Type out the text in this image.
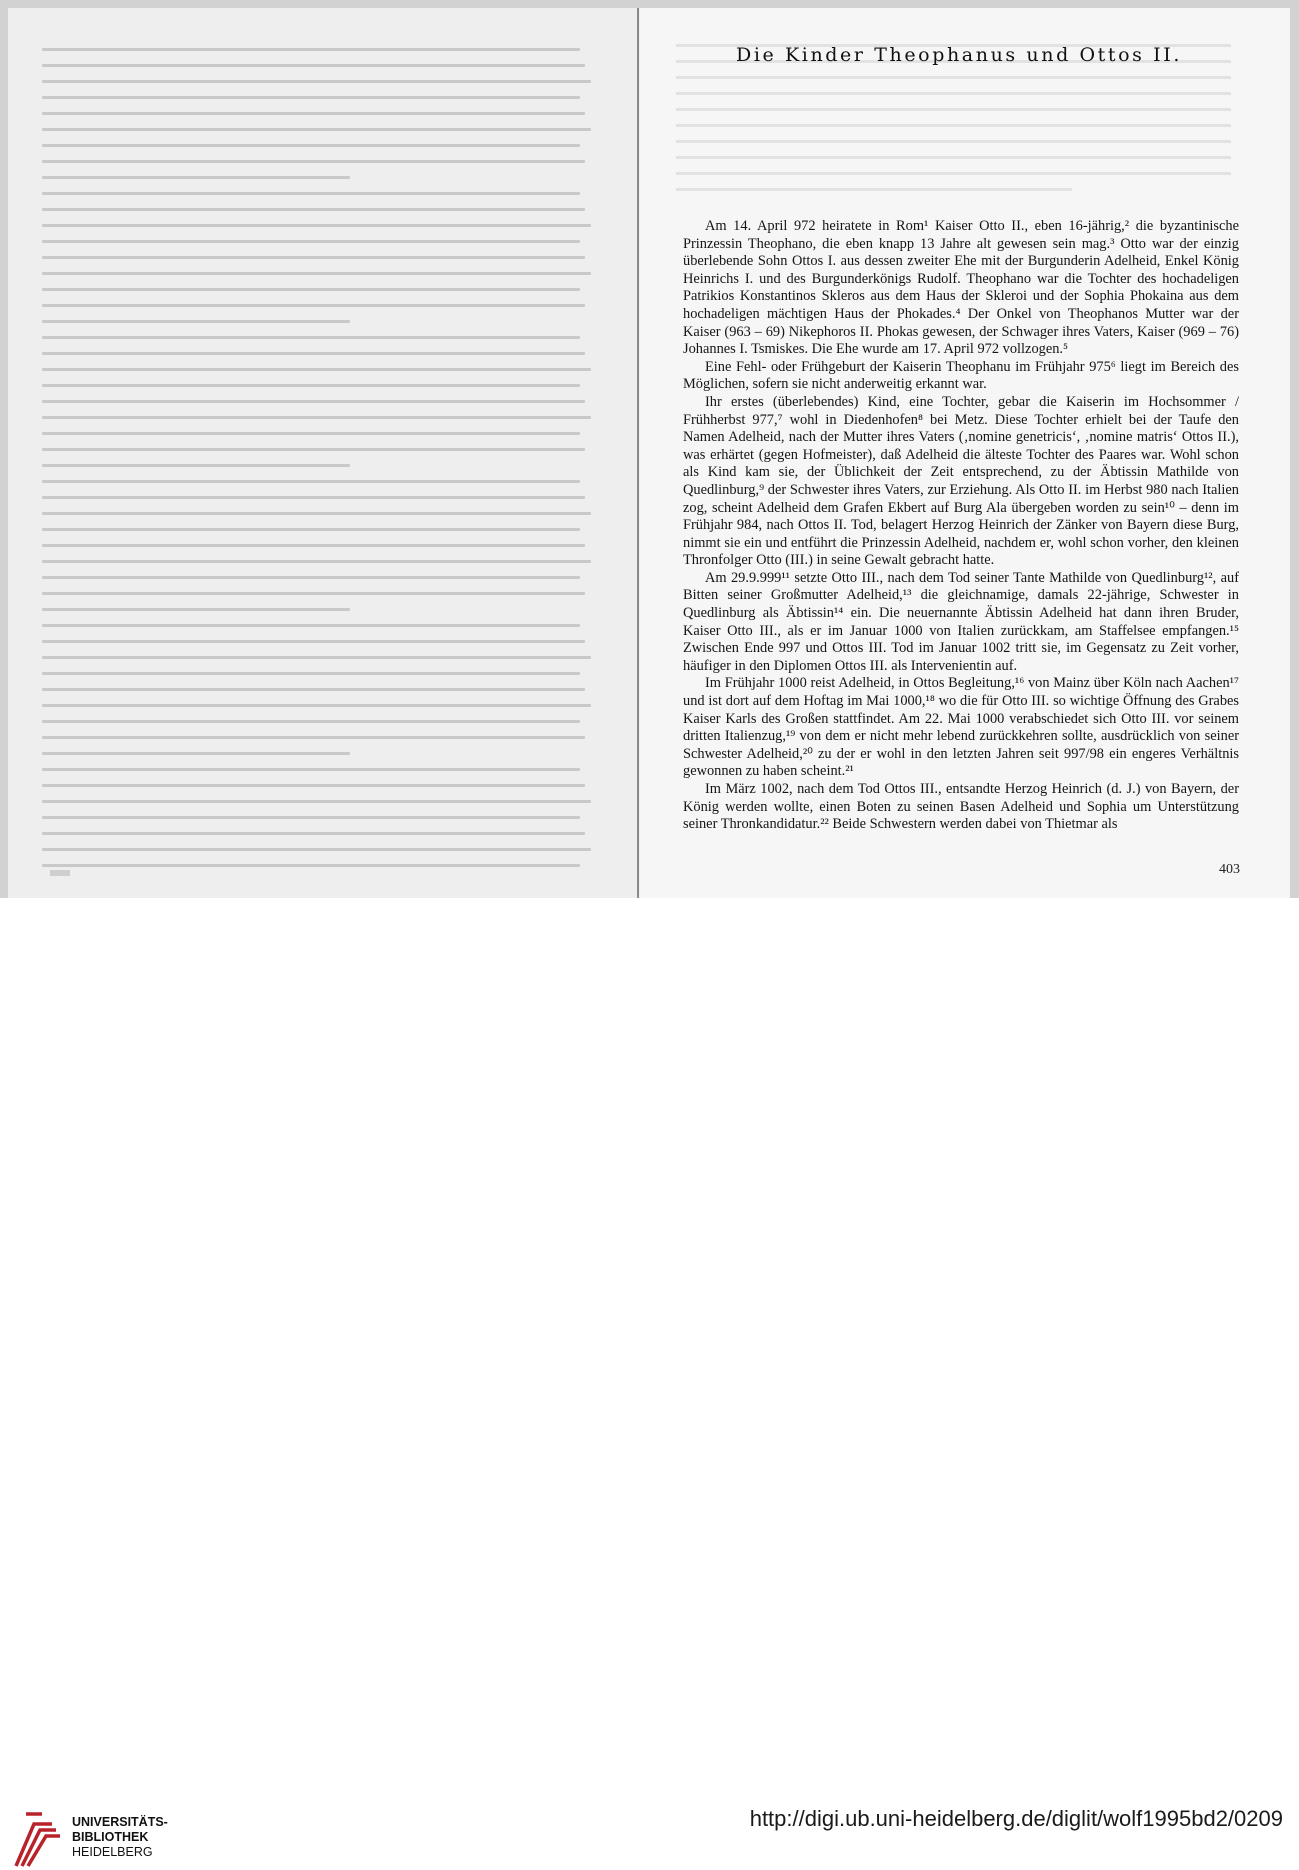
Die Kinder Theophanus und Ottos II.

Am 14. April 972 heiratete in Rom¹ Kaiser Otto II., eben 16-jährig,² die byzantinische Prinzessin Theophano, die eben knapp 13 Jahre alt gewesen sein mag.³ Otto war der einzig überlebende Sohn Ottos I. aus dessen zweiter Ehe mit der Burgunderin Adelheid, Enkel König Heinrichs I. und des Burgunderkönigs Rudolf. Theophano war die Tochter des hochadeligen Patrikios Konstantinos Skleros aus dem Haus der Skleroi und der Sophia Phokaina aus dem hochadeligen mächtigen Haus der Phokades.⁴ Der Onkel von Theophanos Mutter war der Kaiser (963 – 69) Nikephoros II. Phokas gewesen, der Schwager ihres Vaters, Kaiser (969 – 76) Johannes I. Tsmiskes. Die Ehe wurde am 17. April 972 vollzogen.⁵

Eine Fehl- oder Frühgeburt der Kaiserin Theophanu im Frühjahr 975⁶ liegt im Bereich des Möglichen, sofern sie nicht anderweitig erkannt war.

Ihr erstes (überlebendes) Kind, eine Tochter, gebar die Kaiserin im Hochsommer / Frühherbst 977,⁷ wohl in Diedenhofen⁸ bei Metz. Diese Tochter erhielt bei der Taufe den Namen Adelheid, nach der Mutter ihres Vaters (‚nomine genetricis‘, ‚nomine matris‘ Ottos II.), was erhärtet (gegen Hofmeister), daß Adelheid die älteste Tochter des Paares war. Wohl schon als Kind kam sie, der Üblichkeit der Zeit entsprechend, zu der Äbtissin Mathilde von Quedlinburg,⁹ der Schwester ihres Vaters, zur Erziehung. Als Otto II. im Herbst 980 nach Italien zog, scheint Adelheid dem Grafen Ekbert auf Burg Ala übergeben worden zu sein¹⁰ – denn im Frühjahr 984, nach Ottos II. Tod, belagert Herzog Heinrich der Zänker von Bayern diese Burg, nimmt sie ein und entführt die Prinzessin Adelheid, nachdem er, wohl schon vorher, den kleinen Thronfolger Otto (III.) in seine Gewalt gebracht hatte.

Am 29.9.999¹¹ setzte Otto III., nach dem Tod seiner Tante Mathilde von Quedlinburg¹², auf Bitten seiner Großmutter Adelheid,¹³ die gleichnamige, damals 22-jährige, Schwester in Quedlinburg als Äbtissin¹⁴ ein. Die neuernannte Äbtissin Adelheid hat dann ihren Bruder, Kaiser Otto III., als er im Januar 1000 von Italien zurückkam, am Staffelsee empfangen.¹⁵ Zwischen Ende 997 und Ottos III. Tod im Januar 1002 tritt sie, im Gegensatz zu Zeit vorher, häufiger in den Diplomen Ottos III. als Intervenientin auf.

Im Frühjahr 1000 reist Adelheid, in Ottos Begleitung,¹⁶ von Mainz über Köln nach Aachen¹⁷ und ist dort auf dem Hoftag im Mai 1000,¹⁸ wo die für Otto III. so wichtige Öffnung des Grabes Kaiser Karls des Großen stattfindet. Am 22. Mai 1000 verabschiedet sich Otto III. vor seinem dritten Italienzug,¹⁹ von dem er nicht mehr lebend zurückkehren sollte, ausdrücklich von seiner Schwester Adelheid,²⁰ zu der er wohl in den letzten Jahren seit 997/98 ein engeres Verhältnis gewonnen zu haben scheint.²¹

Im März 1002, nach dem Tod Ottos III., entsandte Herzog Heinrich (d. J.) von Bayern, der König werden wollte, einen Boten zu seinen Basen Adelheid und Sophia um Unterstützung seiner Thronkandidatur.²² Beide Schwestern werden dabei von Thietmar als

403
UNIVERSITÄTS-
BIBLIOTHEK
HEIDELBERG
http://digi.ub.uni-heidelberg.de/diglit/wolf1995bd2/0209
